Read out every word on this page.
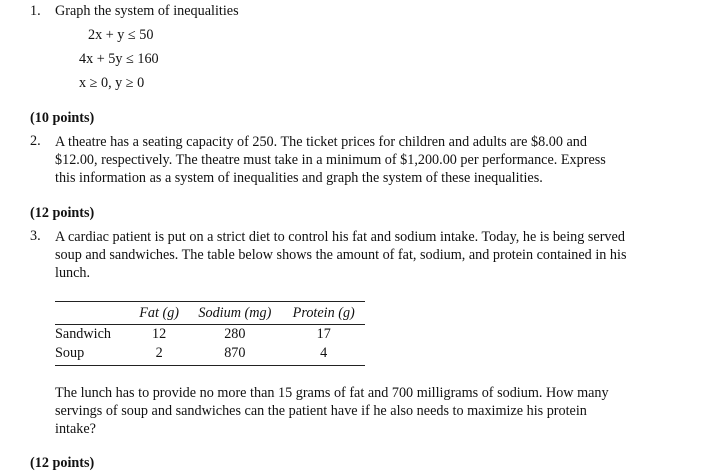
1. Graph the system of inequalities
2x + y ≤ 50
4x + 5y ≤ 160
x ≥ 0, y ≥ 0
(10 points)
2. A theatre has a seating capacity of 250. The ticket prices for children and adults are $8.00 and
$12.00, respectively. The theatre must take in a minimum of $1,200.00 per performance. Express
this information as a system of inequalities and graph the system of these inequalities.
(12 points)
3. A cardiac patient is put on a strict diet to control his fat and sodium intake. Today, he is being served
soup and sandwiches. The table below shows the amount of fat, sodium, and protein contained in his
lunch.
	Fat (g)	Sodium (mg)	Protein (g)
Sandwich	12	280	17
Soup	2	870	4
The lunch has to provide no more than 15 grams of fat and 700 milligrams of sodium. How many
servings of soup and sandwiches can the patient have if he also needs to maximize his protein
intake?
(12 points)
